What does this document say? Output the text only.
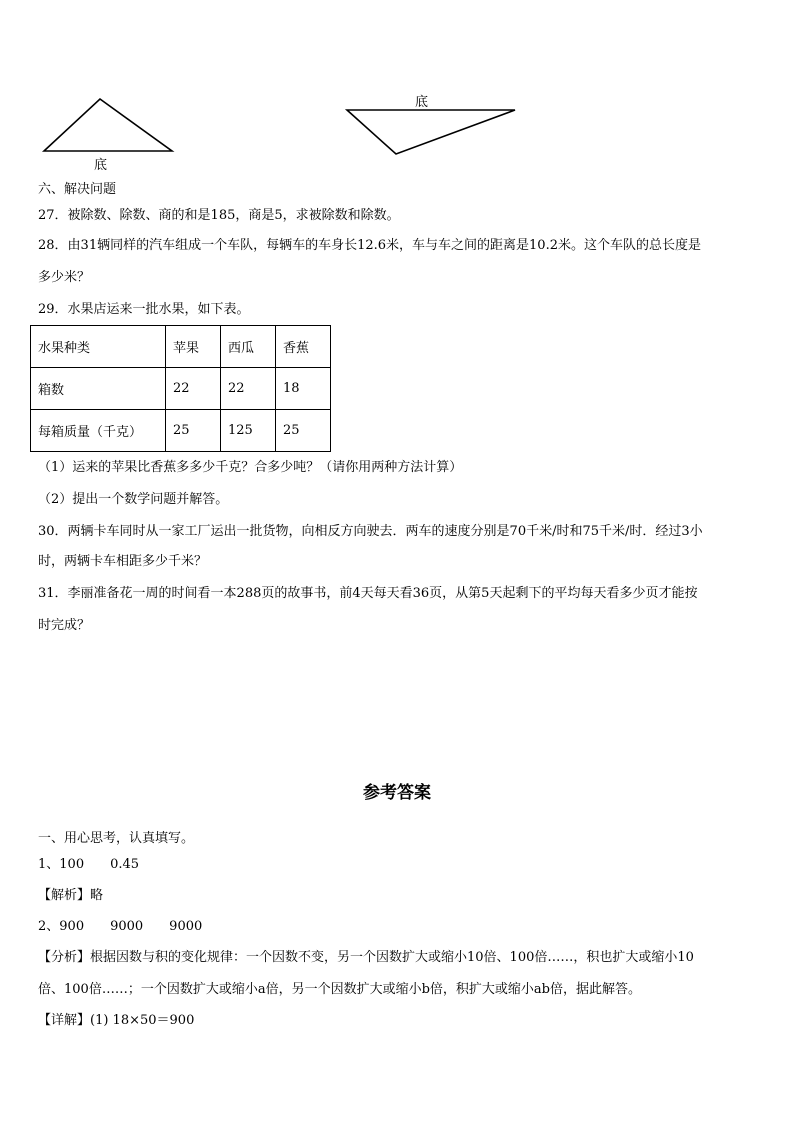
底
底
六、解决问题
27．被除数、除数、商的和是185，商是5，求被除数和除数。
28．由31辆同样的汽车组成一个车队，每辆车的车身长12.6米，车与车之间的距离是10.2米。这个车队的总长度是
多少米？
29．水果店运来一批水果，如下表。
水果种类	苹果	西瓜	香蕉
箱数	22	22	18
每箱质量（千克）	25	125	25
（1）运来的苹果比香蕉多多少千克？合多少吨？（请你用两种方法计算）
（2）提出一个数学问题并解答。
30．两辆卡车同时从一家工厂运出一批货物，向相反方向驶去．两车的速度分别是70千米/时和75千米/时．经过3小
时，两辆卡车相距多少千米？
31．李丽准备花一周的时间看一本288页的故事书，前4天每天看36页，从第5天起剩下的平均每天看多少页才能按
时完成？
参考答案
一、用心思考，认真填写。
1、100　　0.45
【解析】略
2、900　　9000　　9000
【分析】根据因数与积的变化规律：一个因数不变，另一个因数扩大或缩小10倍、100倍……，积也扩大或缩小10
倍、100倍……；一个因数扩大或缩小a倍，另一个因数扩大或缩小b倍，积扩大或缩小ab倍，据此解答。
【详解】(1) 18×50＝900
